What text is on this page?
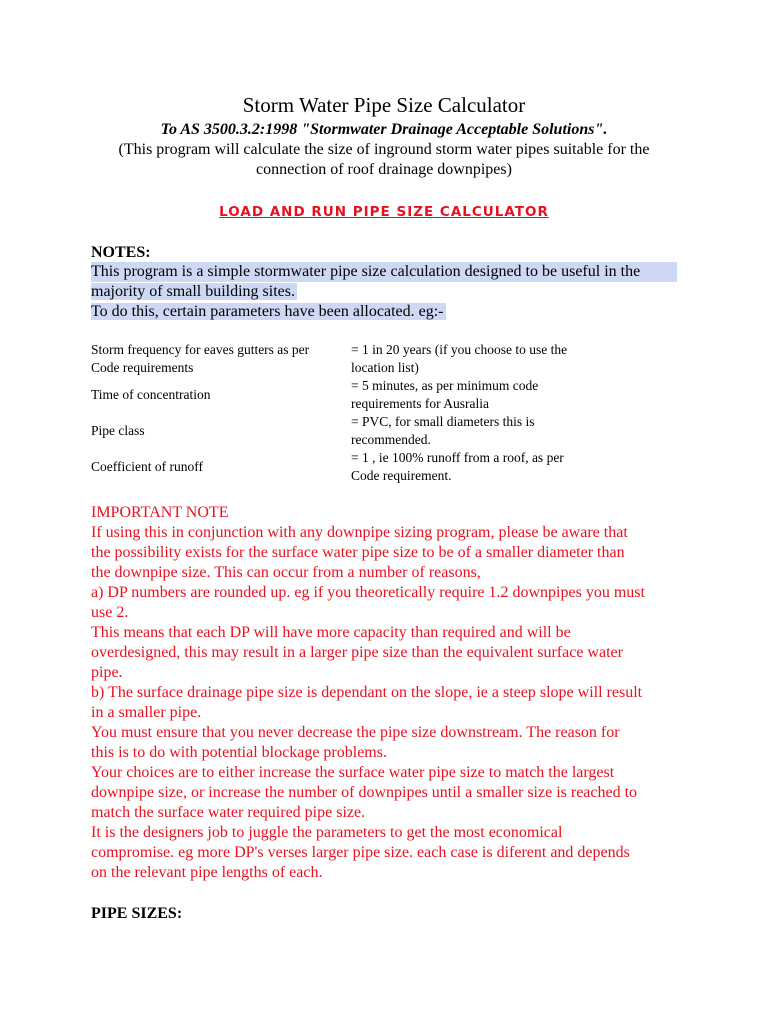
Storm Water Pipe Size Calculator
To AS 3500.3.2:1998 "Stormwater Drainage Acceptable Solutions".
(This program will calculate the size of inground storm water pipes suitable for the
connection of roof drainage downpipes)
LOAD AND RUN PIPE SIZE CALCULATOR
NOTES:
This program is a simple stormwater pipe size calculation designed to be useful in the
majority of small building sites.
To do this, certain parameters have been allocated. eg:-
Storm frequency for eaves gutters as per
Code requirements
= 1 in 20 years (if you choose to use the
location list)
Time of concentration
= 5 minutes, as per minimum code
requirements for Ausralia
Pipe class
= PVC, for small diameters this is
recommended.
Coefficient of runoff
= 1 , ie 100% runoff from a roof, as per
Code requirement.
IMPORTANT NOTE
If using this in conjunction with any downpipe sizing program, please be aware that
the possibility exists for the surface water pipe size to be of a smaller diameter than
the downpipe size. This can occur from a number of reasons,
a) DP numbers are rounded up. eg if you theoretically require 1.2 downpipes you must
use 2.
This means that each DP will have more capacity than required and will be
overdesigned, this may result in a larger pipe size than the equivalent surface water
pipe.
b) The surface drainage pipe size is dependant on the slope, ie a steep slope will result
in a smaller pipe.
You must ensure that you never decrease the pipe size downstream. The reason for
this is to do with potential blockage problems.
Your choices are to either increase the surface water pipe size to match the largest
downpipe size, or increase the number of downpipes until a smaller size is reached to
match the surface water required pipe size.
It is the designers job to juggle the parameters to get the most economical
compromise. eg more DP's verses larger pipe size. each case is diferent and depends
on the relevant pipe lengths of each.
PIPE SIZES:
